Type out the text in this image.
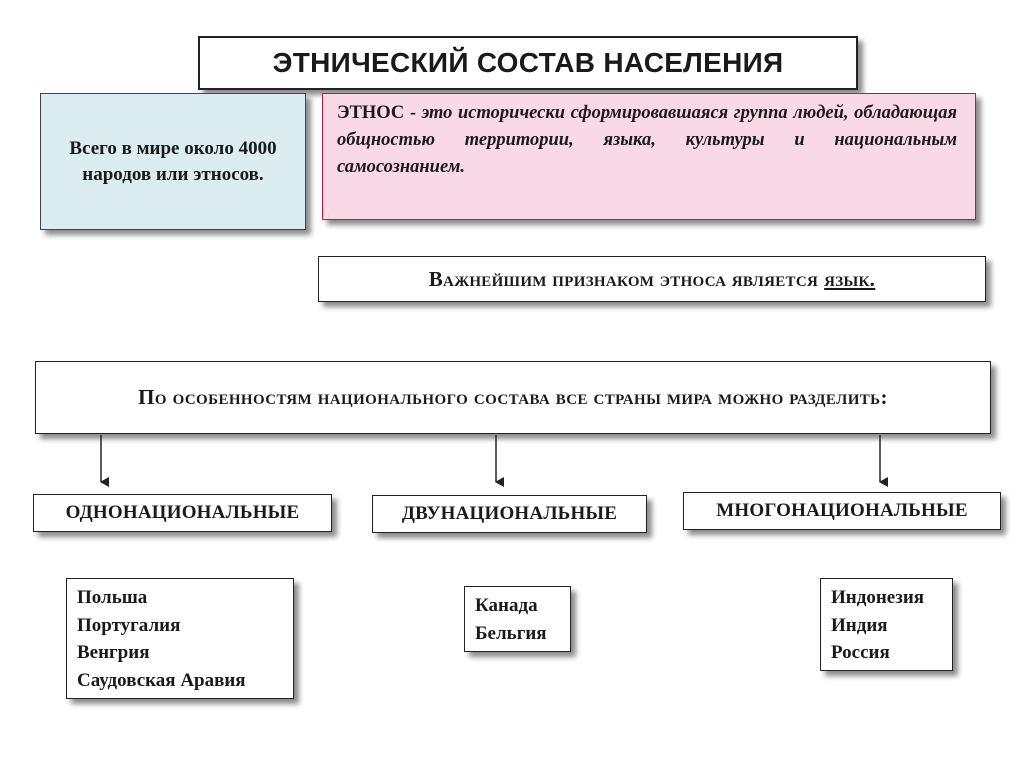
ЭТНИЧЕСКИЙ СОСТАВ НАСЕЛЕНИЯ
Всего в мире около 4000 народов или этносов.
ЭТНОС - это исторически сформировавшаяся группа людей, обладающая общностью территории, языка, культуры и национальным самосознанием.
Важнейшим признаком этноса является язык.
По особенностям национального состава все страны мира можно разделить:
ОДНОНАЦИОНАЛЬНЫЕ	ДВУНАЦИОНАЛЬНЫЕ	МНОГОНАЦИОНАЛЬНЫЕ
Польша
Португалия
Венгрия
Саудовская Аравия
Канада
Бельгия
Индонезия
Индия
Россия
